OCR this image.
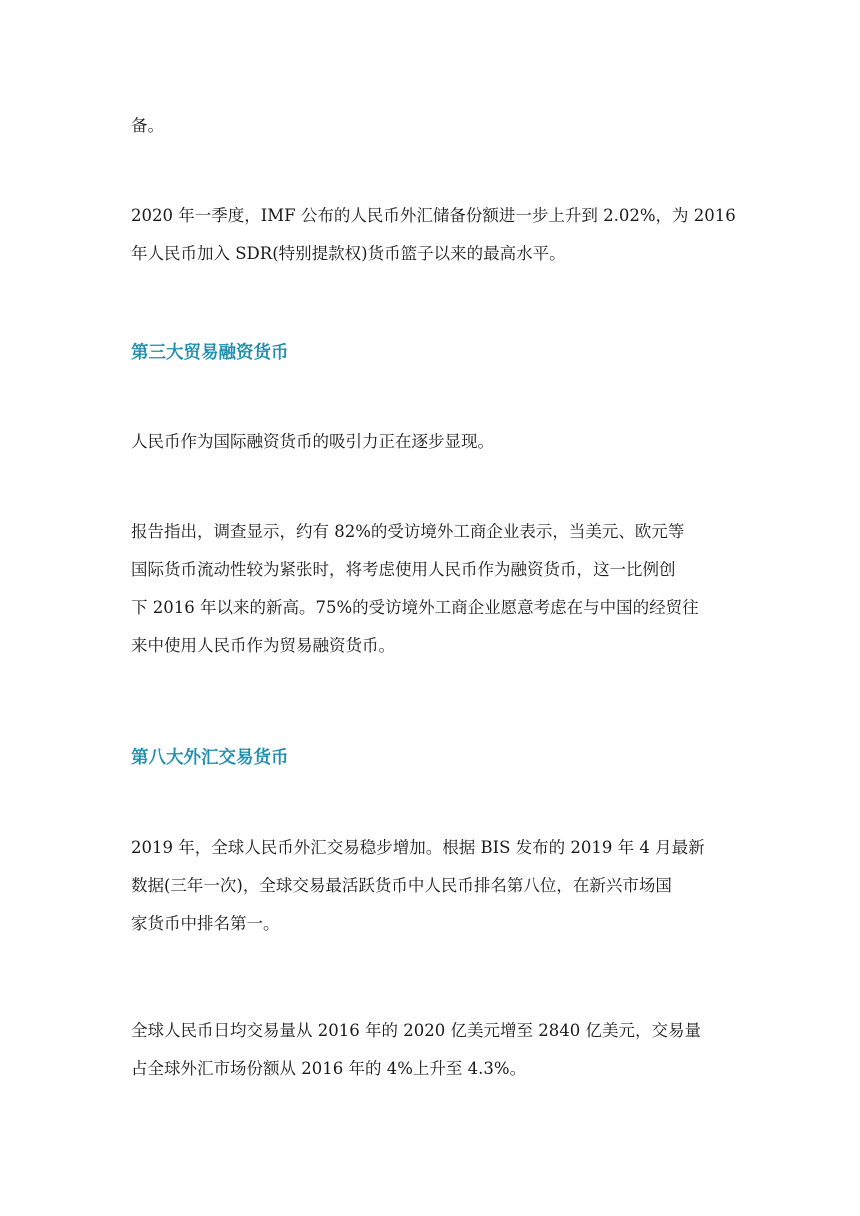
备。

2020 年一季度，IMF 公布的人民币外汇储备份额进一步上升到 2.02%，为 2016
年人民币加入 SDR(特别提款权)货币篮子以来的最高水平。

第三大贸易融资货币

人民币作为国际融资货币的吸引力正在逐步显现。

报告指出，调查显示，约有 82%的受访境外工商企业表示，当美元、欧元等
国际货币流动性较为紧张时，将考虑使用人民币作为融资货币，这一比例创
下 2016 年以来的新高。75%的受访境外工商企业愿意考虑在与中国的经贸往
来中使用人民币作为贸易融资货币。

第八大外汇交易货币

2019 年，全球人民币外汇交易稳步增加。根据 BIS 发布的 2019 年 4 月最新
数据(三年一次)，全球交易最活跃货币中人民币排名第八位，在新兴市场国
家货币中排名第一。

全球人民币日均交易量从 2016 年的 2020 亿美元增至 2840 亿美元，交易量
占全球外汇市场份额从 2016 年的 4%上升至 4.3%。
